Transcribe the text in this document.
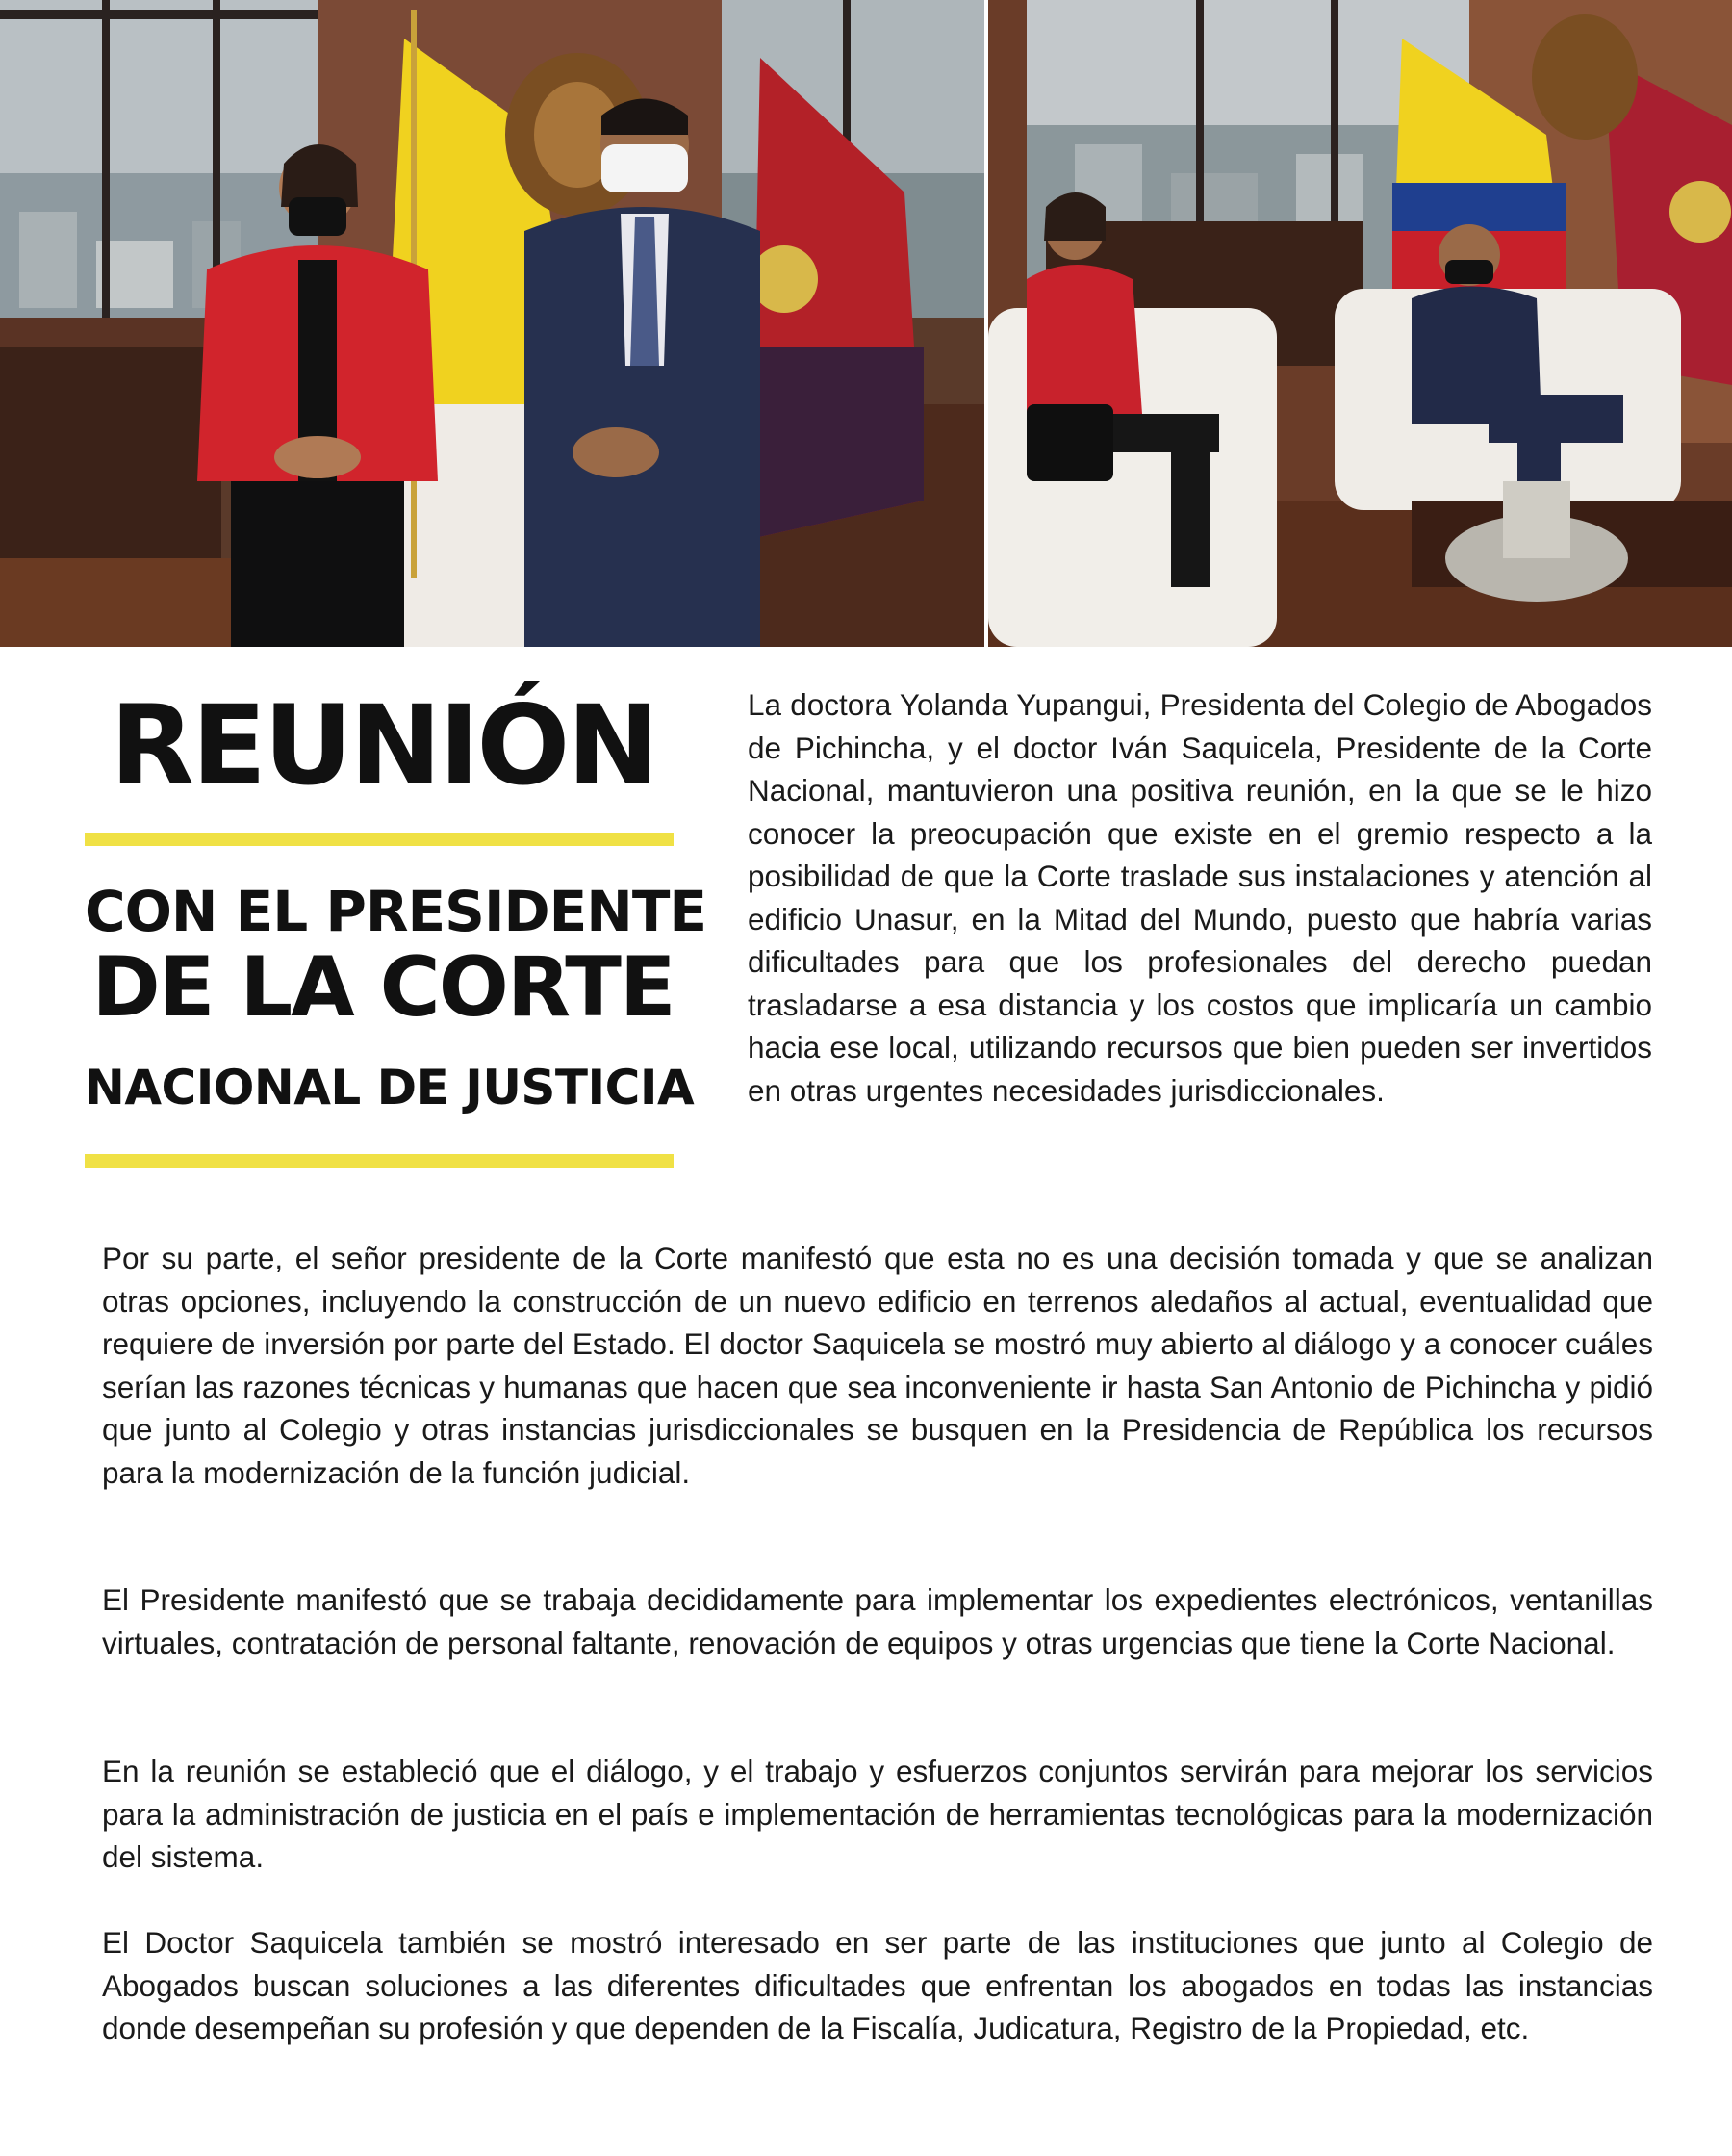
REUNIÓN
CON EL PRESIDENTE
DE LA CORTE
NACIONAL DE JUSTICIA

La doctora Yolanda Yupangui, Presidenta del Colegio de Abogados de Pichincha, y el doctor Iván Saquicela, Presidente de la Corte Nacional, mantuvieron una positiva reunión, en la que se le hizo conocer la preocupación que existe en el gremio respecto a la posibilidad de que la Corte traslade sus instalaciones y atención al edificio Unasur, en la Mitad del Mundo, puesto que habría varias dificultades para que los profesionales del derecho puedan trasladarse a esa distancia y los costos que implicaría un cambio hacia ese local, utilizando recursos que bien pueden ser invertidos en otras urgentes necesidades jurisdiccionales.

Por su parte, el señor presidente de la Corte manifestó que esta no es una decisión tomada y que se analizan otras opciones, incluyendo la construcción de un nuevo edificio en terrenos aledaños al actual, eventualidad que requiere de inversión por parte del Estado. El doctor Saquicela se mostró muy abierto al diálogo y a conocer cuáles serían las razones técnicas y humanas que hacen que sea inconveniente ir hasta San Antonio de Pichincha y pidió que junto al Colegio y otras instancias jurisdiccionales se busquen en la Presidencia de República los recursos para la modernización de la función judicial.

El Presidente manifestó que se trabaja decididamente para implementar los expedientes electrónicos, ventanillas virtuales, contratación de personal faltante, renovación de equipos y otras urgencias que tiene la Corte Nacional.

En la reunión se estableció que el diálogo, y el trabajo y esfuerzos conjuntos servirán para mejorar los servicios para la administración de justicia en el país e implementación de herramientas tecnológicas para la modernización del sistema.

El Doctor Saquicela también se mostró interesado en ser parte de las instituciones que junto al Colegio de Abogados buscan soluciones a las diferentes dificultades que enfrentan los abogados en todas las instancias donde desempeñan su profesión y que dependen de la Fiscalía, Judicatura, Registro de la Propiedad, etc.
